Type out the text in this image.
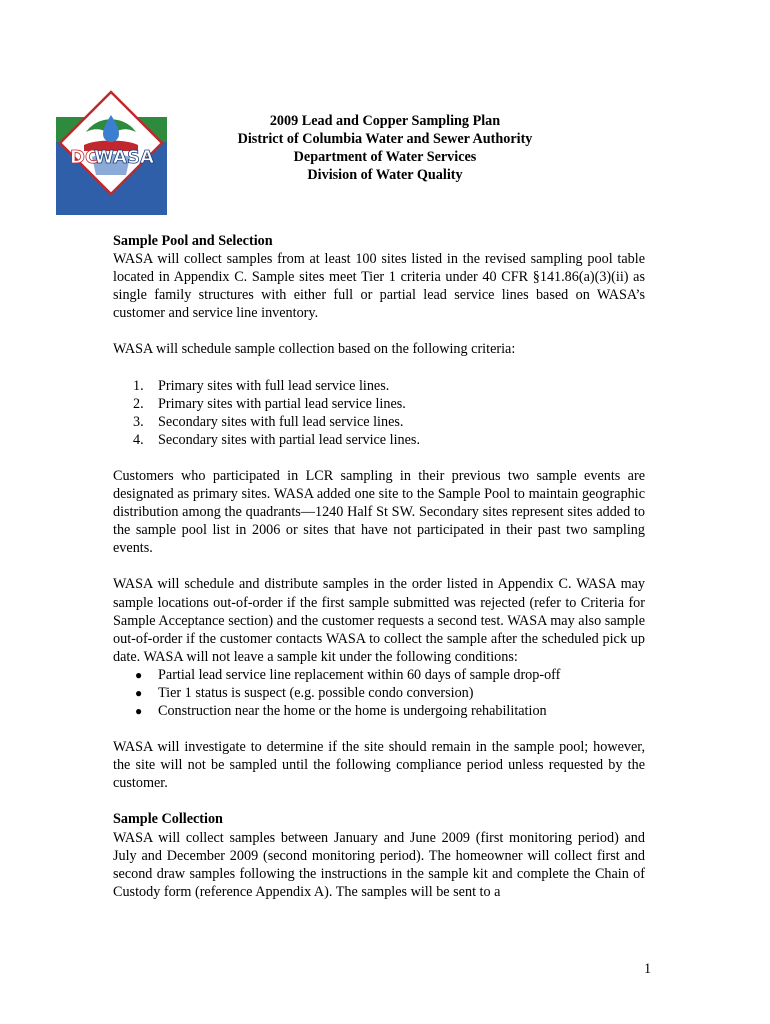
DC
WASA
2009 Lead and Copper Sampling Plan
District of Columbia Water and Sewer Authority
Department of Water Services
Division of Water Quality
Sample Pool and Selection

WASA will collect samples from at least 100 sites listed in the revised sampling pool table located in Appendix C. Sample sites meet Tier 1 criteria under 40 CFR §141.86(a)(3)(ii) as single family structures with either full or partial lead service lines based on WASA’s customer and service line inventory.

WASA will schedule sample collection based on the following criteria:

1. Primary sites with full lead service lines.
2. Primary sites with partial lead service lines.
3. Secondary sites with full lead service lines.
4. Secondary sites with partial lead service lines.

Customers who participated in LCR sampling in their previous two sample events are designated as primary sites. WASA added one site to the Sample Pool to maintain geographic distribution among the quadrants—1240 Half St SW. Secondary sites represent sites added to the sample pool list in 2006 or sites that have not participated in their past two sampling events.

WASA will schedule and distribute samples in the order listed in Appendix C. WASA may sample locations out-of-order if the first sample submitted was rejected (refer to Criteria for Sample Acceptance section) and the customer requests a second test. WASA may also sample out-of-order if the customer contacts WASA to collect the sample after the scheduled pick up date. WASA will not leave a sample kit under the following conditions:

● Partial lead service line replacement within 60 days of sample drop-off
● Tier 1 status is suspect (e.g. possible condo conversion)
● Construction near the home or the home is undergoing rehabilitation

WASA will investigate to determine if the site should remain in the sample pool; however, the site will not be sampled until the following compliance period unless requested by the customer.

Sample Collection

WASA will collect samples between January and June 2009 (first monitoring period) and July and December 2009 (second monitoring period). The homeowner will collect first and second draw samples following the instructions in the sample kit and complete the Chain of Custody form (reference Appendix A). The samples will be sent to a

1
